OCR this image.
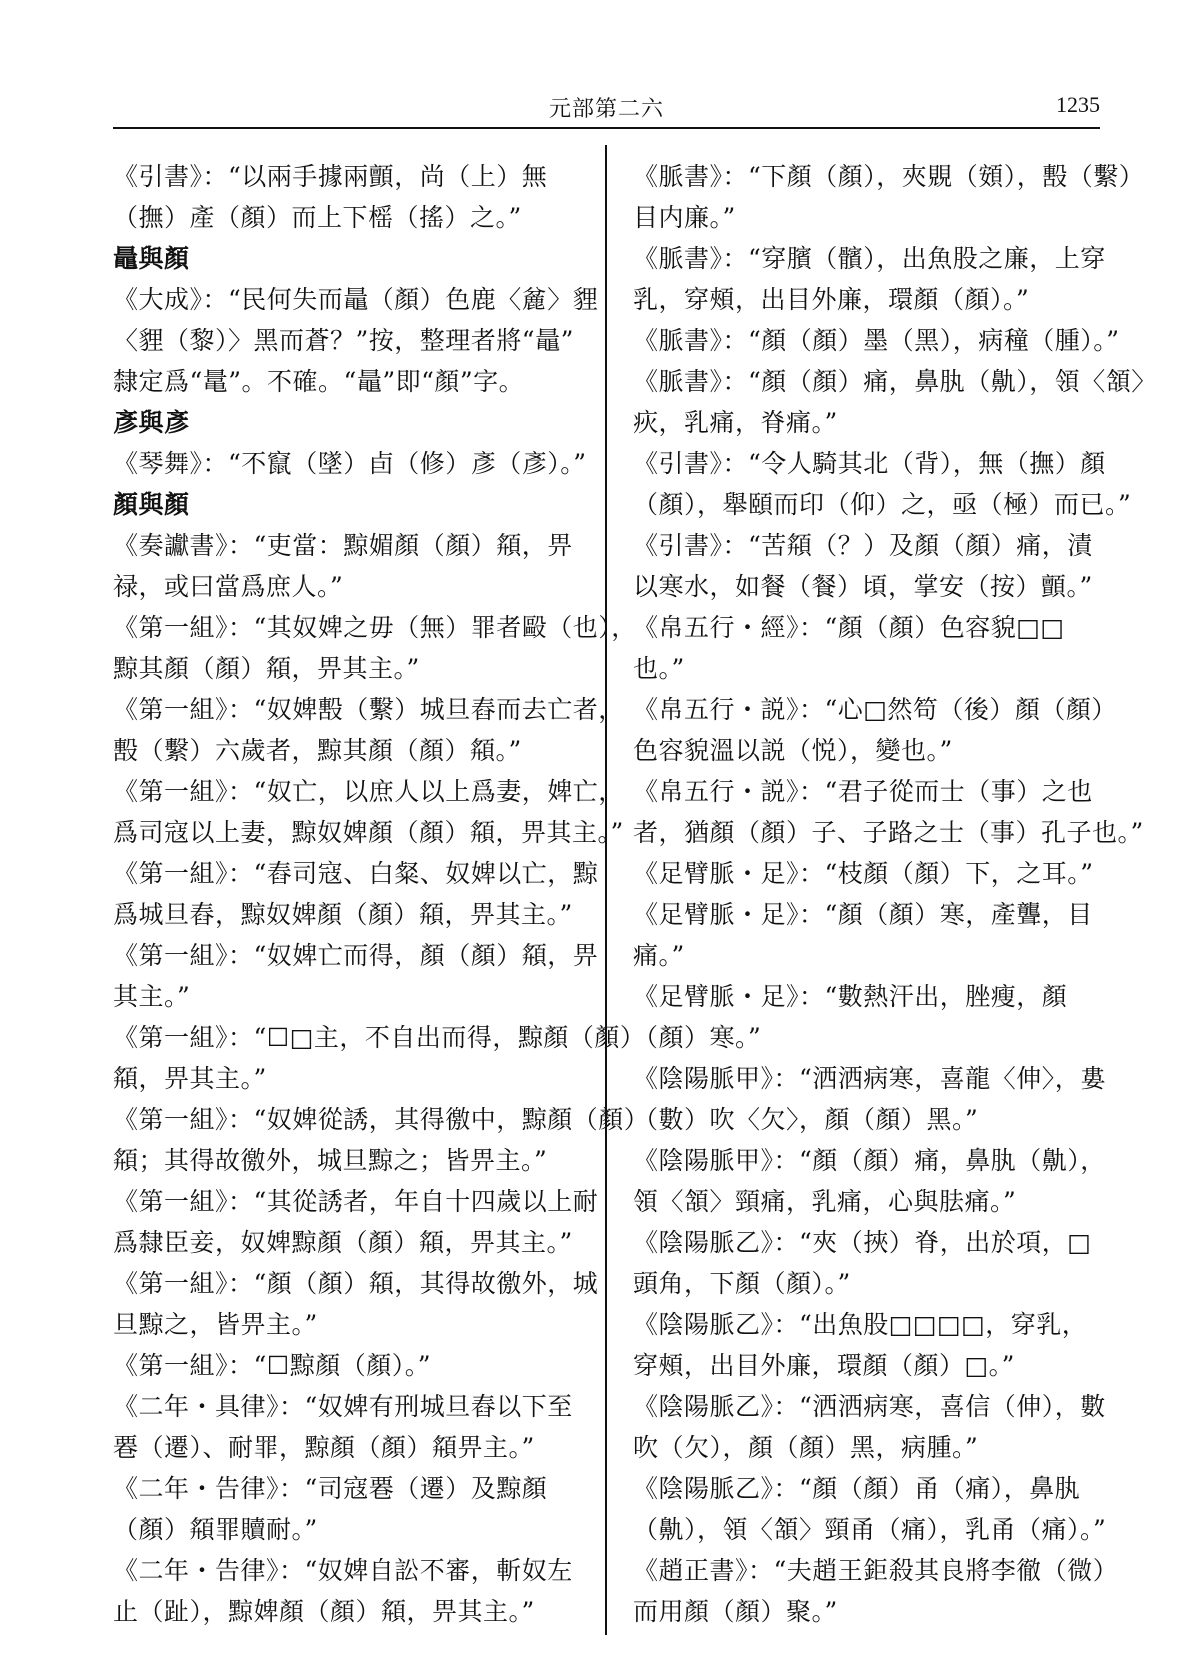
元部第二六	1235
《引書》：“以兩手據兩顫，尚（上）無
（撫）產（顏）而上下榣（搖）之。”
鼂與顏
《大成》：“民何失而鼂（顏）色鹿〈麄〉貍
〈貍（黎）〉黑而蒼？”按，整理者將“鼂”
隸定爲“鼌”。不確。“鼂”即“顏”字。
彥與彥
《琴舞》：“不竄（墜）卣（修）彥（彥）。”
顏與顏
《奏讞書》：“吏當：黥媚顏（顏）頯，畀
禄，或曰當爲庶人。”
《第一組》：“其奴婢之毋（無）罪者毆（也），
黥其顏（顏）頯，畀其主。”
《第一組》：“奴婢毄（繫）城旦舂而去亡者，
毄（繫）六歲者，黥其顏（顏）頯。”
《第一組》：“奴亡，以庶人以上爲妻，婢亡，
爲司寇以上妻，黥奴婢顏（顏）頯，畀其主。”
《第一組》：“舂司寇、白粲、奴婢以亡，黥
爲城旦舂，黥奴婢顏（顏）頯，畀其主。”
《第一組》：“奴婢亡而得，顏（顏）頯，畀
其主。”
《第一組》：“☐□主，不自出而得，黥顏（顏）
頯，畀其主。”
《第一組》：“奴婢從誘，其得徼中，黥顏（顏）
頯；其得故徼外，城旦黥之；皆畀主。”
《第一組》：“其從誘者，年自十四歲以上耐
爲隸臣妾，奴婢黥顏（顏）頯，畀其主。”
《第一組》：“顏（顏）頯，其得故徼外，城
旦黥之，皆畀主。”
《第一組》：“☐黥顏（顏）。”
《二年・具律》：“奴婢有刑城旦舂以下至
䙴（遷）、耐罪，黥顏（顏）頯畀主。”
《二年・告律》：“司寇䙴（遷）及黥顏
（顏）頯罪贖耐。”
《二年・告律》：“奴婢自訟不審，斬奴左
止（趾），黥婢顏（顏）頯，畀其主。”
《脈書》：“下顏（顏），夾覞（頞），毄（繫）
目内廉。”
《脈書》：“穿臏（髕），出魚股之廉，上穿
乳，穿頰，出目外廉，環顏（顏）。”
《脈書》：“顏（顏）墨（黑），病穜（腫）。”
《脈書》：“顏（顏）痛，鼻肒（鼽），領〈頷〉
疢，乳痛，脊痛。”
《引書》：“令人騎其北（背），無（撫）顏
（顏），舉頤而印（仰）之，亟（極）而已。”
《引書》：“苦頯（？）及顏（顏）痛，漬
以寒水，如餐（餐）頃，掌安（按）顫。”
《帛五行・經》：“顏（顏）色容貌□□
也。”
《帛五行・説》：“心□然笱（後）顏（顏）
色容貌溫以説（悦），變也。”
《帛五行・説》：“君子從而士（事）之也
者，猶顏（顏）子、子路之士（事）孔子也。”
《足臂脈・足》：“枝顏（顏）下，之耳。”
《足臂脈・足》：“顏（顏）寒，產聾，目
痛。”
《足臂脈・足》：“數熱汗出，脞瘦，顏
（顏）寒。”
《陰陽脈甲》：“洒洒病寒，喜龍〈伸〉，婁
（數）吹〈欠〉，顏（顏）黑。”
《陰陽脈甲》：“顏（顏）痛，鼻肒（鼽），
領〈頷〉頸痛，乳痛，心與胠痛。”
《陰陽脈乙》：“夾（挾）脊，出於項，□
頭角，下顏（顏）。”
《陰陽脈乙》：“出魚股□□□□，穿乳，
穿頰，出目外廉，環顏（顏）□。”
《陰陽脈乙》：“洒洒病寒，喜信（伸），數
吹（欠），顏（顏）黑，病腫。”
《陰陽脈乙》：“顏（顏）甬（痛），鼻肒
（鼽），領〈頷〉頸甬（痛），乳甬（痛）。”
《趙正書》：“夫趙王鉅殺其良將李徹（微）
而用顏（顏）聚。”
